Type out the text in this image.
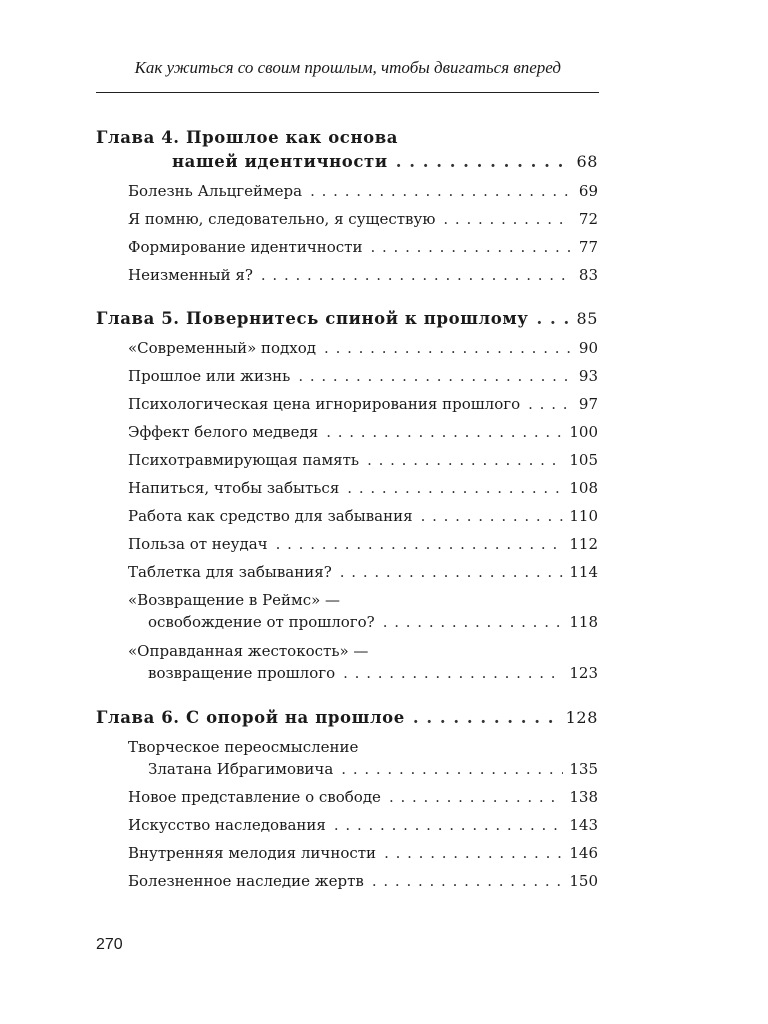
Как ужиться со своим прошлым, чтобы двигаться вперед
Глава 4. Прошлое как основа
нашей идентичности . . .	68
Болезнь Альцгеймера . . .	69
Я помню, следовательно, я существую . . .	72
Формирование идентичности . . .	77
Неизменный я? . . .	83
Глава 5. Повернитесь спиной к прошлому . . .	85
«Современный» подход . . .	90
Прошлое или жизнь . . .	93
Психологическая цена игнорирования прошлого . . .	97
Эффект белого медведя . . .	100
Психотравмирующая память . . .	105
Напиться, чтобы забыться . . .	108
Работа как средство для забывания . . .	110
Польза от неудач . . .	112
Таблетка для забывания? . . .	114
«Возвращение в Реймс» —
освобождение от прошлого? . . .	118
«Оправданная жестокость» —
возвращение прошлого . . .	123
Глава 6. С опорой на прошлое . . .	128
Творческое переосмысление
Златана Ибрагимовича . . .	135
Новое представление о свободе . . .	138
Искусство наследования . . .	143
Внутренняя мелодия личности . . .	146
Болезненное наследие жертв . . .	150
270
